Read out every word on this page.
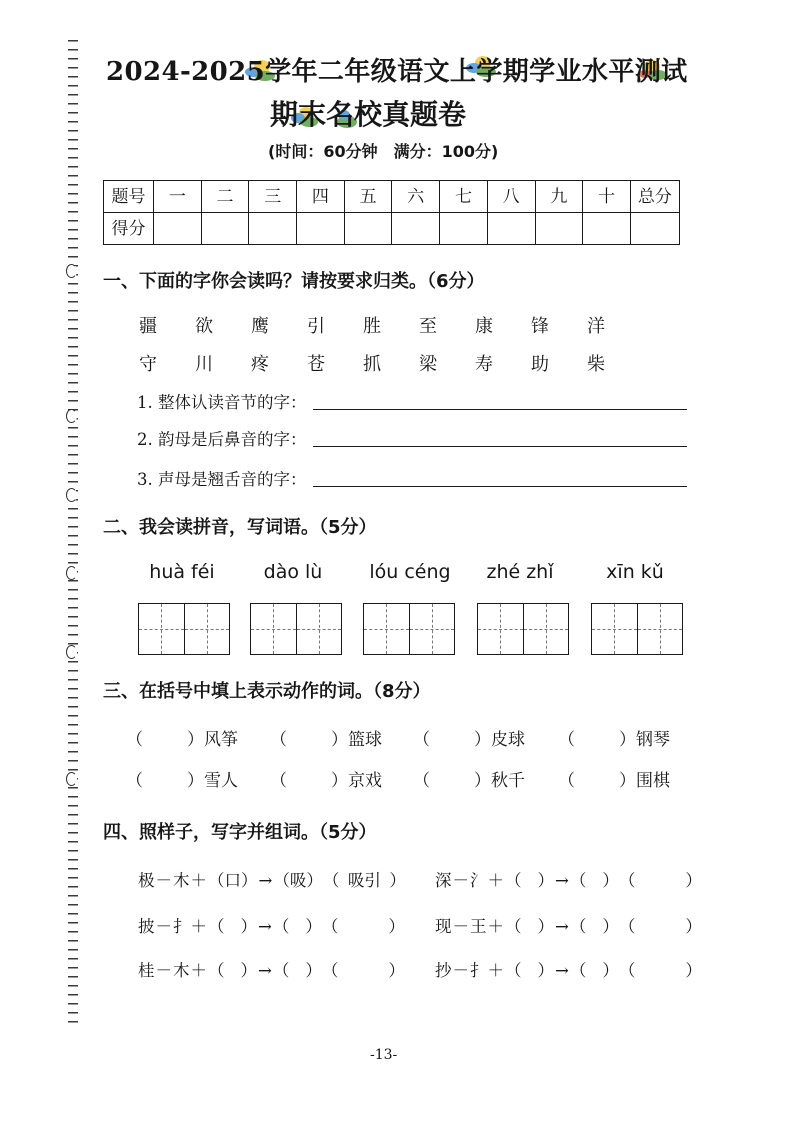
2024-2025学年二年级语文上学期学业水平测试
期末名校真题卷
(时间：60分钟　满分：100分)
题号	一	二	三	四	五	六	七	八	九	十	总分
得分											
一、下面的字你会读吗？请按要求归类。（6分）
疆	欲	鹰	引	胜	至	康	锋	洋
守	川	疼	苍	抓	梁	寿	助	柴
1. 整体认读音节的字：
2. 韵母是后鼻音的字：
3. 声母是翘舌音的字：
二、我会读拼音，写词语。（5分）
huà féi	dào lù	lóu céng	zhé zhǐ	xīn kǔ
三、在括号中填上表示动作的词。（8分）
（	） 风筝 （	） 篮球 （	） 皮球 （	） 钢琴
（	） 雪人 （	） 京戏 （	） 秋千 （	） 围棋
四、照样子，写字并组词。（5分）
极 － 木 ＋ （ 口 ） → （ 吸 ） （ 吸引 ） 深 － 氵 ＋ （ ） → （ ） （	）
披 － 扌 ＋ （ ） → （ ） （	） 现 － 王 ＋ （ ） → （ ） （	）
桂 － 木 ＋ （ ） → （ ） （	） 抄 － 扌 ＋ （ ） → （ ） （	）
-13-
